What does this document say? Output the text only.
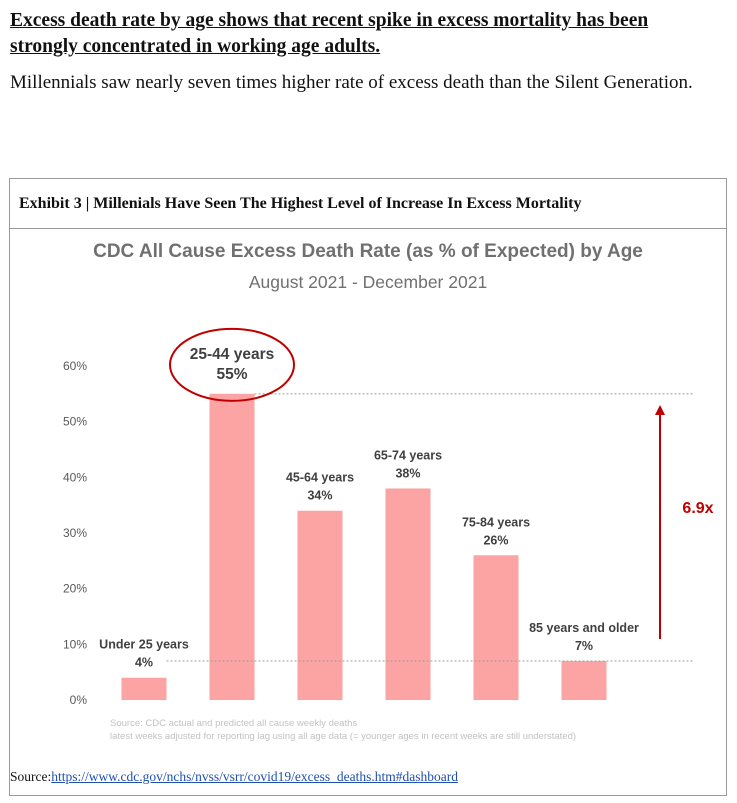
Excess death rate by age shows that recent spike in excess mortality has been strongly concentrated in working age adults.

Millennials saw nearly seven times higher rate of excess death than the Silent Generation.

Exhibit 3 | Millenials Have Seen The Highest Level of Increase In Excess Mortality
0%
10%
20%
30%
40%
50%
60%
Under 25 years
4%
25-44 years
55%
45-64 years
34%
65-74 years
38%
75-84 years
26%
85 years and older
7%
6.9x
CDC All Cause Excess Death Rate (as % of Expected) by Age
August 2021 - December 2021
Source: CDC actual and predicted all cause weekly deaths
latest weeks adjusted for reporting lag using all age data (= younger ages in recent weeks are still understated)
Source:https://www.cdc.gov/nchs/nvss/vsrr/covid19/excess_deaths.htm#dashboard
